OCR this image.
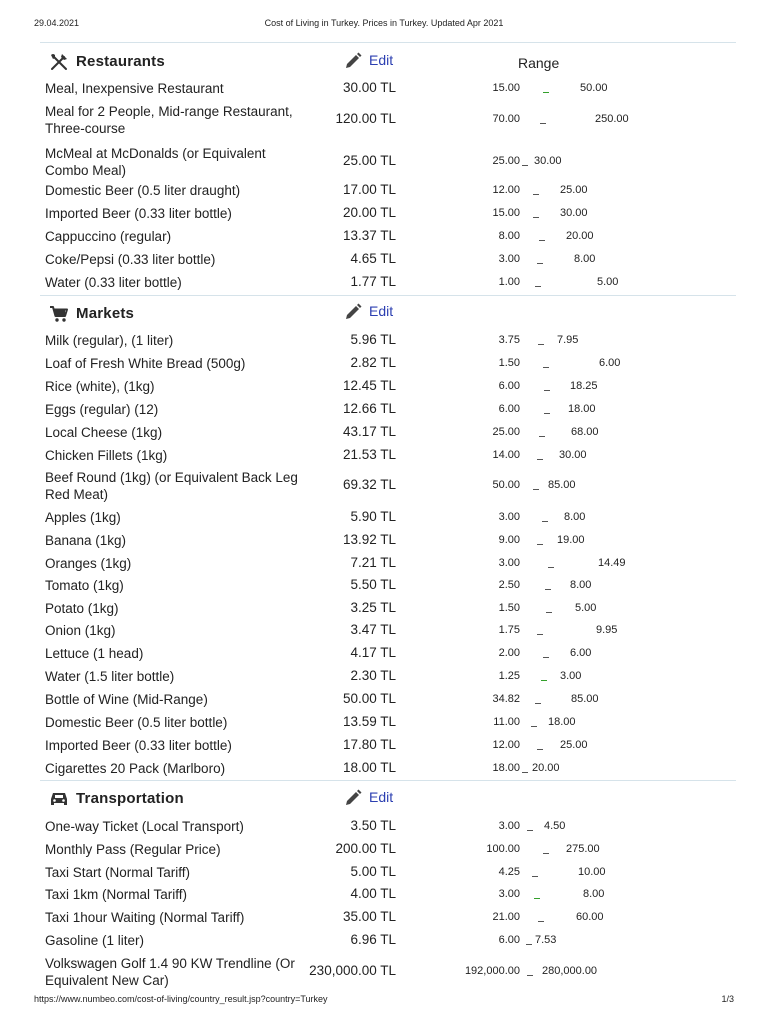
29.04.2021	Cost of Living in Turkey. Prices in Turkey. Updated Apr 2021
Restaurants	Edit	Range
Meal, Inexpensive Restaurant	30.00 TL	15.00	50.00
Meal for 2 People, Mid-range Restaurant, Three-course
120.00 TL	70.00	250.00
McMeal at McDonalds (or Equivalent Combo Meal)
25.00 TL	25.00 30.00
Domestic Beer (0.5 liter draught)	17.00 TL	12.00	25.00
Imported Beer (0.33 liter bottle)	20.00 TL	15.00	30.00
Cappuccino (regular)	13.37 TL	8.00	20.00
Coke/Pepsi (0.33 liter bottle)	4.65 TL	3.00	8.00
Water (0.33 liter bottle)	1.77 TL	1.00	5.00
Markets	Edit
Milk (regular), (1 liter)	5.96 TL	3.75	7.95
Loaf of Fresh White Bread (500g)	2.82 TL	1.50	6.00
Rice (white), (1kg)	12.45 TL	6.00	18.25
Eggs (regular) (12)	12.66 TL	6.00	18.00
Local Cheese (1kg)	43.17 TL	25.00	68.00
Chicken Fillets (1kg)	21.53 TL	14.00	30.00
Beef Round (1kg) (or Equivalent Back Leg Red Meat)
69.32 TL	50.00	85.00
Apples (1kg)	5.90 TL	3.00	8.00
Banana (1kg)	13.92 TL	9.00	19.00
Oranges (1kg)	7.21 TL	3.00	14.49
Tomato (1kg)	5.50 TL	2.50	8.00
Potato (1kg)	3.25 TL	1.50	5.00
Onion (1kg)	3.47 TL	1.75	9.95
Lettuce (1 head)	4.17 TL	2.00	6.00
Water (1.5 liter bottle)	2.30 TL	1.25	3.00
Bottle of Wine (Mid-Range)	50.00 TL	34.82	85.00
Domestic Beer (0.5 liter bottle)	13.59 TL	11.00	18.00
Imported Beer (0.33 liter bottle)	17.80 TL	12.00	25.00
Cigarettes 20 Pack (Marlboro)	18.00 TL	18.00 20.00
Transportation	Edit
One-way Ticket (Local Transport)	3.50 TL	3.00 4.50
Monthly Pass (Regular Price)	200.00 TL	100.00	275.00
Taxi Start (Normal Tariff)	5.00 TL	4.25	10.00
Taxi 1km (Normal Tariff)	4.00 TL	3.00	8.00
Taxi 1hour Waiting (Normal Tariff)	35.00 TL	21.00	60.00
Gasoline (1 liter)	6.96 TL	6.00 7.53
Volkswagen Golf 1.4 90 KW Trendline (Or Equivalent New Car)
230,000.00 TL	192,000.00 280,000.00
https://www.numbeo.com/cost-of-living/country_result.jsp?country=Turkey	1/3
